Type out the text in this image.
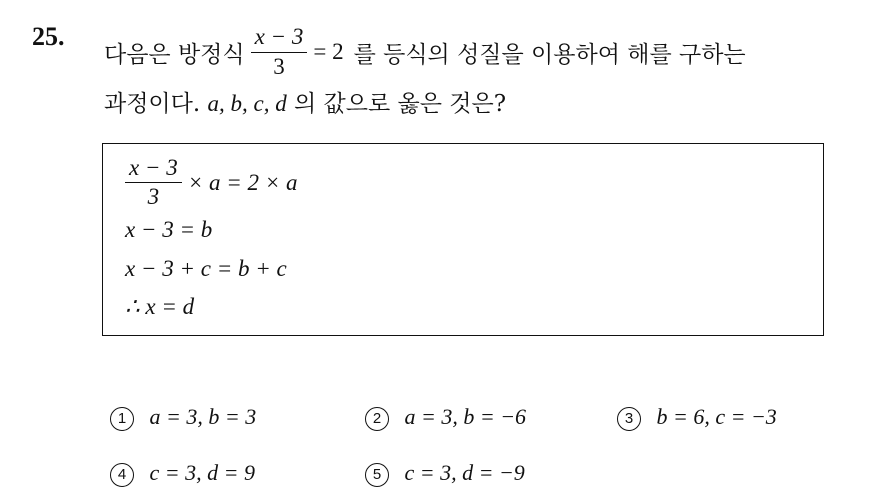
25.
다음은 방정식 $\frac{x - 3}{3} = 2$ 를 등식의 성질을 이용하여 해를 구하는
과정이다. a, b, c, d 의 값으로 옳은 것은?
$\frac{x - 3}{3} \times a = 2 \times a$
x − 3 = b
x − 3 + c = b + c
∴ x = d
1 a = 3, b = 3	2 a = 3, b = −6	3 b = 6, c = −3
4 c = 3, d = 9	5 c = 3, d = −9
